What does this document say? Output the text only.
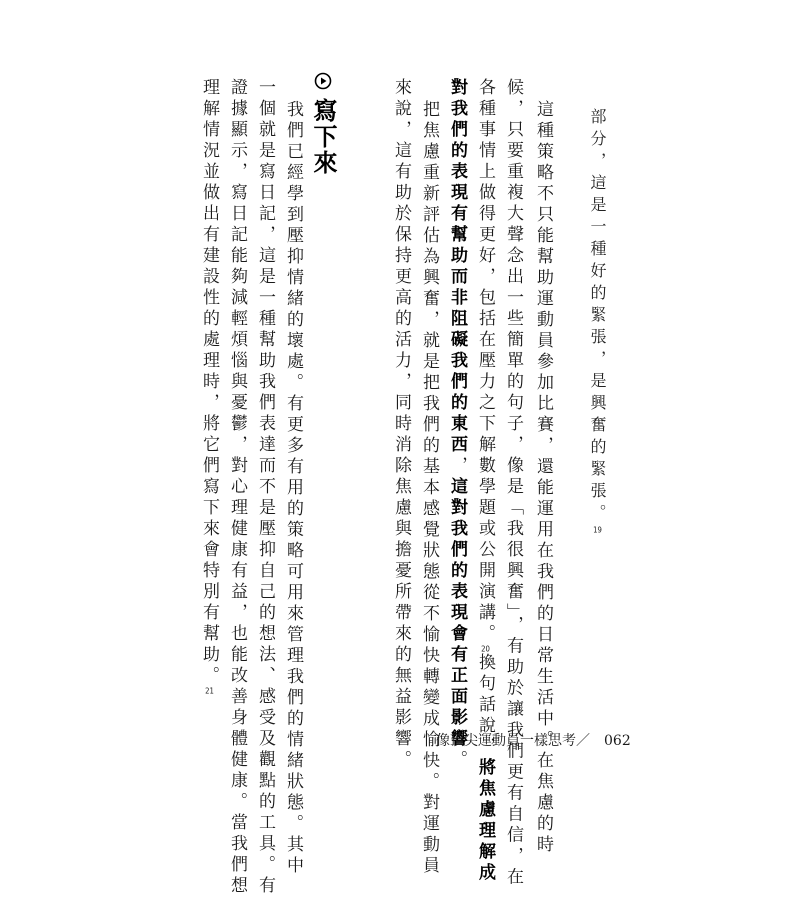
部分，這是一種好的緊張，是興奮的緊張。19
這種策略不只能幫助運動員參加比賽，還能運用在我們的日常生活中。在焦慮的時
候，只要重複大聲念出一些簡單的句子，像是「我很興奮」，有助於讓我們更有自信，在
各種事情上做得更好，包括在壓力之下解數學題或公開演講。20換句話說，將焦慮理解成
對我們的表現有幫助而非阻礙我們的東西，這對我們的表現會有正面影響。
把焦慮重新評估為興奮，就是把我們的基本感覺狀態從不愉快轉變成愉快。對運動員
來說，這有助於保持更高的活力，同時消除焦慮與擔憂所帶來的無益影響。
寫下來
我們已經學到壓抑情緒的壞處。有更多有用的策略可用來管理我們的情緒狀態。其中
一個就是寫日記，這是一種幫助我們表達而不是壓抑自己的想法、感受及觀點的工具。有
證據顯示，寫日記能夠減輕煩惱與憂鬱，對心理健康有益，也能改善身體健康。當我們想
理解情況並做出有建設性的處理時，將它們寫下來會特別有幫助。21
像頂尖運動員一樣思考／ 062
